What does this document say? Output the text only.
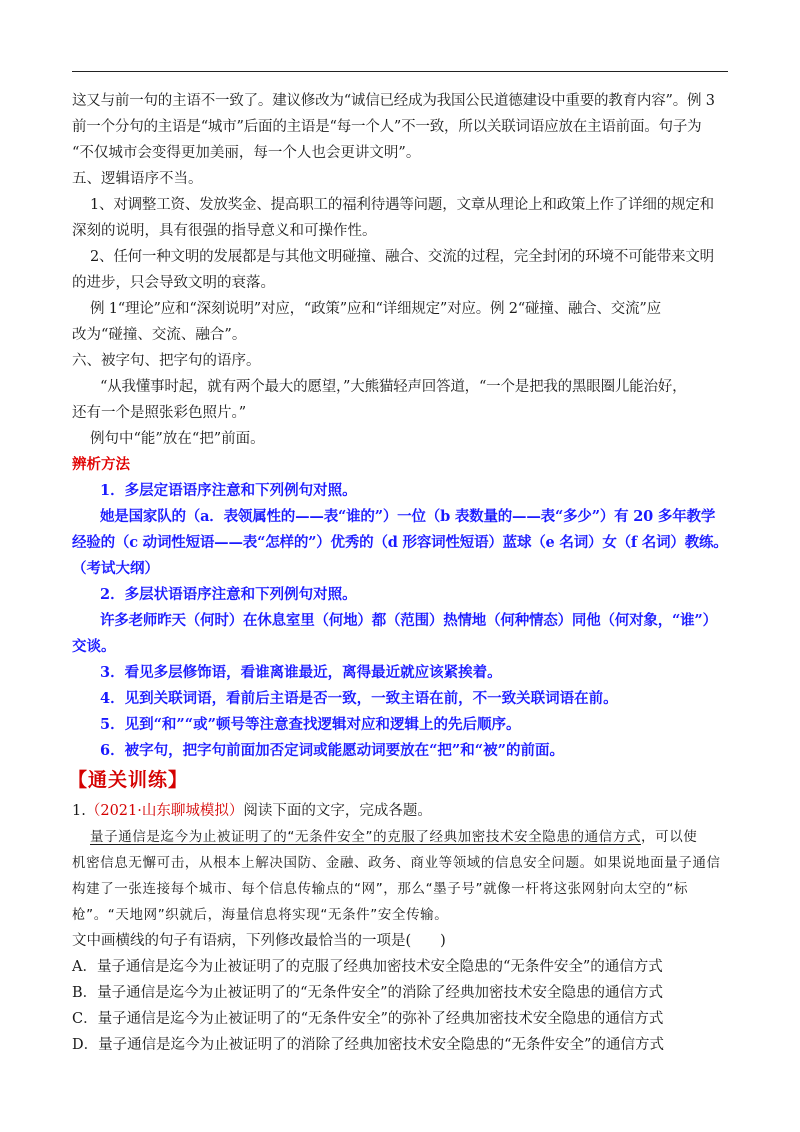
这又与前一句的主语不一致了。建议修改为“诚信已经成为我国公民道德建设中重要的教育内容”。例 3
前一个分句的主语是“城市”后面的主语是“每一个人”不一致，所以关联词语应放在主语前面。句子为
“不仅城市会变得更加美丽，每一个人也会更讲文明”。
五、逻辑语序不当。
1、对调整工资、发放奖金、提高职工的福利待遇等问题，文章从理论上和政策上作了详细的规定和
深刻的说明，具有很强的指导意义和可操作性。
2、任何一种文明的发展都是与其他文明碰撞、融合、交流的过程，完全封闭的环境不可能带来文明
的进步，只会导致文明的衰落。
例 1“理论”应和“深刻说明”对应，“政策”应和“详细规定”对应。例 2“碰撞、融合、交流”应
改为“碰撞、交流、融合”。
六、被字句、把字句的语序。
“从我懂事时起，就有两个最大的愿望，”大熊猫轻声回答道，“一个是把我的黑眼圈儿能治好，
还有一个是照张彩色照片。”
例句中“能”放在“把”前面。
辨析方法
1．多层定语语序注意和下列例句对照。
她是国家队的（a．表领属性的——表“谁的”）一位（b 表数量的——表“多少”）有 20 多年教学
经验的（c 动词性短语——表“怎样的”）优秀的（d 形容词性短语）蓝球（e 名词）女（f 名词）教练。
（考试大纲）
2．多层状语语序注意和下列例句对照。
许多老师昨天（何时）在休息室里（何地）都（范围）热情地（何种情态）同他（何对象，“谁”）
交谈。
3．看见多层修饰语，看谁离谁最近，离得最近就应该紧挨着。
4．见到关联词语，看前后主语是否一致，一致主语在前，不一致关联词语在前。
5．见到“和”“或”顿号等注意查找逻辑对应和逻辑上的先后顺序。
6．被字句，把字句前面加否定词或能愿动词要放在“把”和“被”的前面。
【通关训练】
1.（2021·山东聊城模拟）阅读下面的文字，完成各题。
量子通信是迄今为止被证明了的“无条件安全”的克服了经典加密技术安全隐患的通信方式，可以使
机密信息无懈可击，从根本上解决国防、金融、政务、商业等领域的信息安全问题。如果说地面量子通信
构建了一张连接每个城市、每个信息传输点的“网”，那么“墨子号”就像一杆将这张网射向太空的“标
枪”。“天地网”织就后，海量信息将实现“无条件”安全传输。
文中画横线的句子有语病，下列修改最恰当的一项是(　　)
A．量子通信是迄今为止被证明了的克服了经典加密技术安全隐患的“无条件安全”的通信方式
B．量子通信是迄今为止被证明了的“无条件安全”的消除了经典加密技术安全隐患的通信方式
C．量子通信是迄今为止被证明了的“无条件安全”的弥补了经典加密技术安全隐患的通信方式
D．量子通信是迄今为止被证明了的消除了经典加密技术安全隐患的“无条件安全”的通信方式
